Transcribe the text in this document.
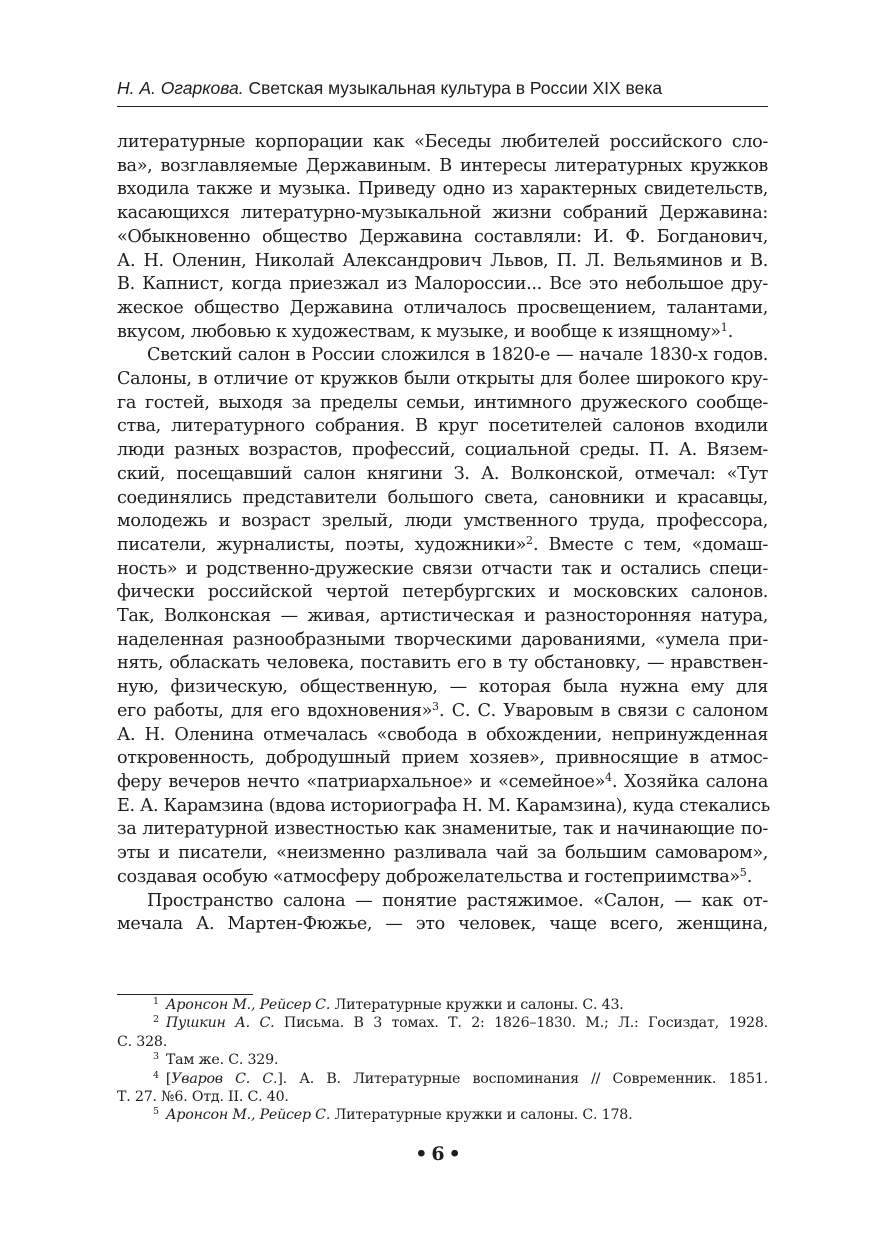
Н. А. Огаркова. Светская музыкальная культура в России XIX века

литературные корпорации как «Беседы любителей российского сло-
ва», возглавляемые Державиным. В интересы литературных кружков
входила также и музыка. Приведу одно из характерных свидетельств,
касающихся литературно-музыкальной жизни собраний Державина:
«Обыкновенно общество Державина составляли: И. Ф. Богданович,
А. Н. Оленин, Николай Александрович Львов, П. Л. Вельяминов и В.
В. Капнист, когда приезжал из Малороссии... Все это небольшое дру-
жеское общество Державина отличалось просвещением, талантами,
вкусом, любовью к художествам, к музыке, и вообще к изящному»$^1$.

Светский салон в России сложился в 1820-е — начале 1830-х годов.
Салоны, в отличие от кружков были открыты для более широкого кру-
га гостей, выходя за пределы семьи, интимного дружеского сообще-
ства, литературного собрания. В круг посетителей салонов входили
люди разных возрастов, профессий, социальной среды. П. А. Вязем-
ский, посещавший салон княгини З. А. Волконской, отмечал: «Тут
соединялись представители большого света, сановники и красавцы,
молодежь и возраст зрелый, люди умственного труда, профессора,
писатели, журналисты, поэты, художники»$^2$. Вместе с тем, «домаш-
ность» и родственно-дружеские связи отчасти так и остались специ-
фически российской чертой петербургских и московских салонов.
Так, Волконская — живая, артистическая и разносторонняя натура,
наделенная разнообразными творческими дарованиями, «умела при-
нять, обласкать человека, поставить его в ту обстановку, — нравствен-
ную, физическую, общественную, — которая была нужна ему для
его работы, для его вдохновения»$^3$. С. С. Уваровым в связи с салоном
А. Н. Оленина отмечалась «свобода в обхождении, непринужденная
откровенность, добродушный прием хозяев», привносящие в атмос-
феру вечеров нечто «патриархальное» и «семейное»$^4$. Хозяйка салона
Е. А. Карамзина (вдова историографа Н. М. Карамзина), куда стекались
за литературной известностью как знаменитые, так и начинающие по-
эты и писатели, «неизменно разливала чай за большим самоваром»,
создавая особую «атмосферу доброжелательства и гостеприимства»$^5$.

Пространство салона — понятие растяжимое. «Салон, — как от-
мечала А. Мартен-Фюжье, — это человек, чаще всего, женщина,

$^1$ Аронсон М., Рейсер С. Литературные кружки и салоны. С. 43.
$^2$ Пушкин А. С. Письма. В 3 томах. Т. 2: 1826–1830. М.; Л.: Госиздат, 1928.
С. 328.
$^3$ Там же. С. 329.
$^4$ [Уваров С. С.]. А. В. Литературные воспоминания // Современник. 1851.
Т. 27. №6. Отд. II. С. 40.
$^5$ Аронсон М., Рейсер С. Литературные кружки и салоны. С. 178.
• 6 •
